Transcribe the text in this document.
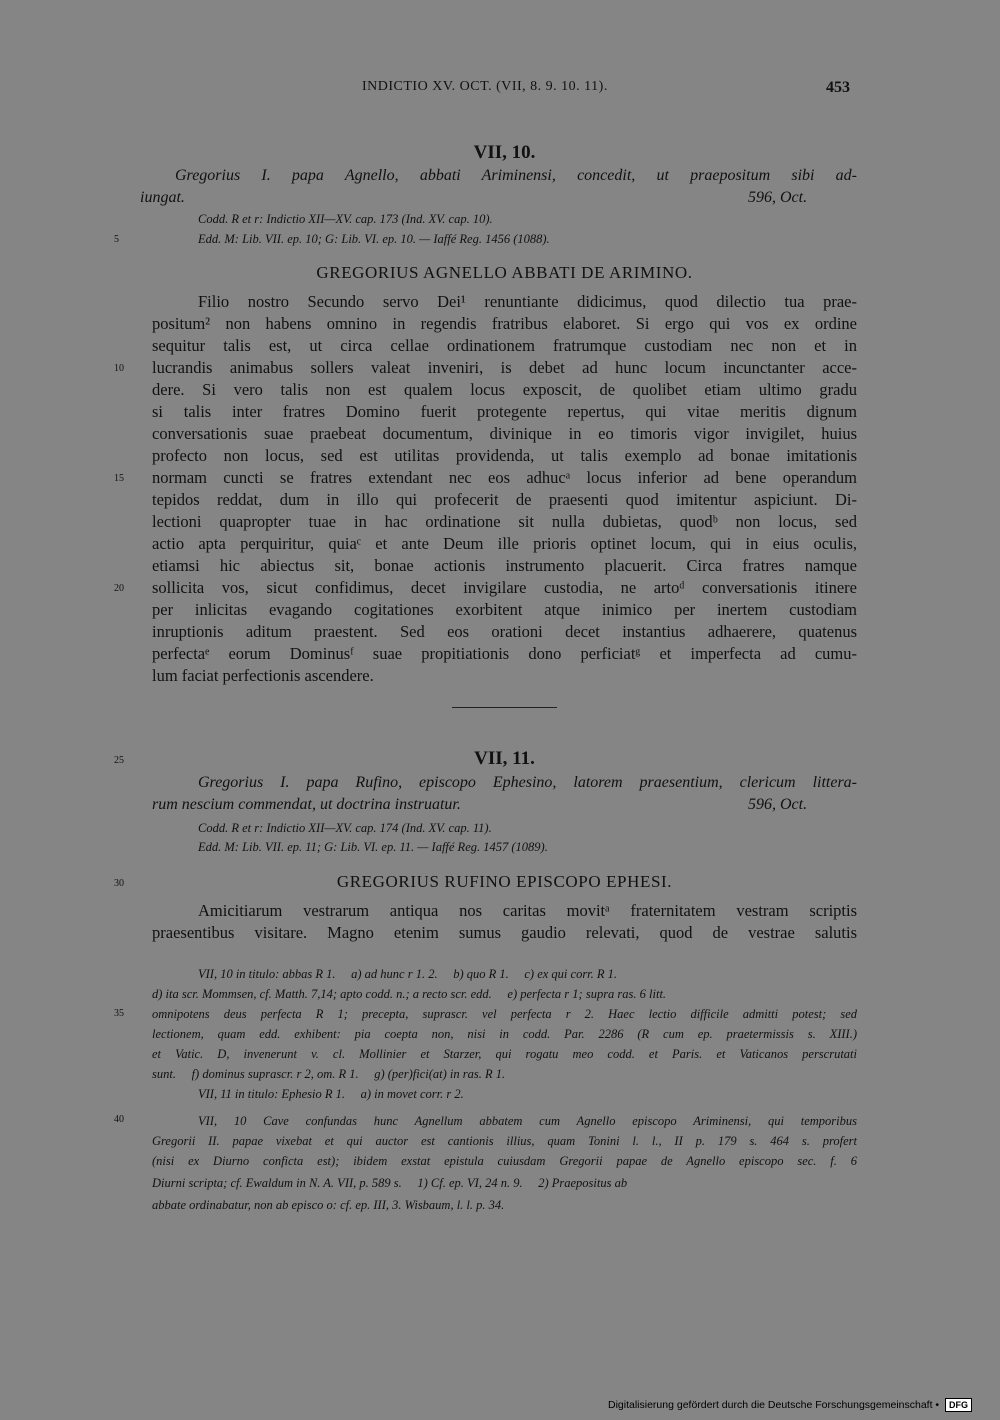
INDICTIO XV. OCT. (VII, 8. 9. 10. 11).	453
VII, 10.
Gregorius I. papa Agnello, abbati Ariminensi, concedit, ut praepositum sibi ad-
iungat.	596, Oct.
Codd. R et r: Indictio XII—XV. cap. 173 (Ind. XV. cap. 10).
Edd. M: Lib. VII. ep. 10; G: Lib. VI. ep. 10. — Iaffé Reg. 1456 (1088).
GREGORIUS AGNELLO ABBATI DE ARIMINO.
Filio nostro Secundo servo Dei¹ renuntiante didicimus, quod dilectio tua prae-
positum² non habens omnino in regendis fratribus elaboret. Si ergo qui vos ex ordine
sequitur talis est, ut circa cellae ordinationem fratrumque custodiam nec non et in
lucrandis animabus sollers valeat inveniri, is debet ad hunc locum incunctanter acce-
dere. Si vero talis non est qualem locus exposcit, de quolibet etiam ultimo gradu
si talis inter fratres Domino fuerit protegente repertus, qui vitae meritis dignum
conversationis suae praebeat documentum, divinique in eo timoris vigor invigilet, huius
profecto non locus, sed est utilitas providenda, ut talis exemplo ad bonae imitationis
normam cuncti se fratres extendant nec eos adhucᵃ locus inferior ad bene operandum
tepidos reddat, dum in illo qui profecerit de praesenti quod imitentur aspiciunt. Di-
lectioni quapropter tuae in hac ordinatione sit nulla dubietas, quodᵇ non locus, sed
actio apta perquiritur, quiaᶜ et ante Deum ille prioris optinet locum, qui in eius oculis,
etiamsi hic abiectus sit, bonae actionis instrumento placuerit. Circa fratres namque
sollicita vos, sicut confidimus, decet invigilare custodia, ne artoᵈ conversationis itinere
per inlicitas evagando cogitationes exorbitent atque inimico per inertem custodiam
inruptionis aditum praestent. Sed eos orationi decet instantius adhaerere, quatenus
perfectaᵉ eorum Dominusᶠ suae propitiationis dono perficiatᵍ et imperfecta ad cumu-
lum faciat perfectionis ascendere.
VII, 11.
Gregorius I. papa Rufino, episcopo Ephesino, latorem praesentium, clericum littera-
rum nescium commendat, ut doctrina instruatur.	596, Oct.
Codd. R et r: Indictio XII—XV. cap. 174 (Ind. XV. cap. 11).
Edd. M: Lib. VII. ep. 11; G: Lib. VI. ep. 11. — Iaffé Reg. 1457 (1089).
GREGORIUS RUFINO EPISCOPO EPHESI.
Amicitiarum vestrarum antiqua nos caritas movitᵃ fraternitatem vestram scriptis
praesentibus visitare. Magno etenim sumus gaudio relevati, quod de vestrae salutis
5
10
15
20
25
30
35
40
VII, 10 in titulo: abbas R 1.     a) ad hunc r 1. 2.     b) quo R 1.     c) ex qui corr. R 1.
d) ita scr. Mommsen, cf. Matth. 7,14; apto codd. n.; a recto scr. edd.     e) perfecta r 1; supra ras. 6 litt.
omnipotens deus perfecta R 1; precepta, suprascr. vel perfecta r 2. Haec lectio difficile admitti potest; sed
lectionem, quam edd. exhibent: pia coepta non, nisi in codd. Par. 2286 (R cum ep. praetermissis s. XIII.)
et Vatic. D, invenerunt v. cl. Mollinier et Starzer, qui rogatu meo codd. et Paris. et Vaticanos perscrutati
sunt.     f) dominus suprascr. r 2, om. R 1.     g) (per)fici(at) in ras. R 1.
VII, 11 in titulo: Ephesio R 1.     a) in movet corr. r 2.
VII, 10 Cave confundas hunc Agnellum abbatem cum Agnello episcopo Ariminensi, qui temporibus
Gregorii II. papae vixebat et qui auctor est cantionis illius, quam Tonini l. l., II p. 179 s. 464 s. profert
(nisi ex Diurno conficta est); ibidem exstat epistula cuiusdam Gregorii papae de Agnello episcopo sec. f. 6
Diurni scripta; cf. Ewaldum in N. A. VII, p. 589 s.     1) Cf. ep. VI, 24 n. 9.     2) Praepositus ab
abbate ordinabatur, non ab episco o: cf. ep. III, 3. Wisbaum, l. l. p. 34.
Digitalisierung gefördert durch die Deutsche Forschungsgemeinschaft • DFG
